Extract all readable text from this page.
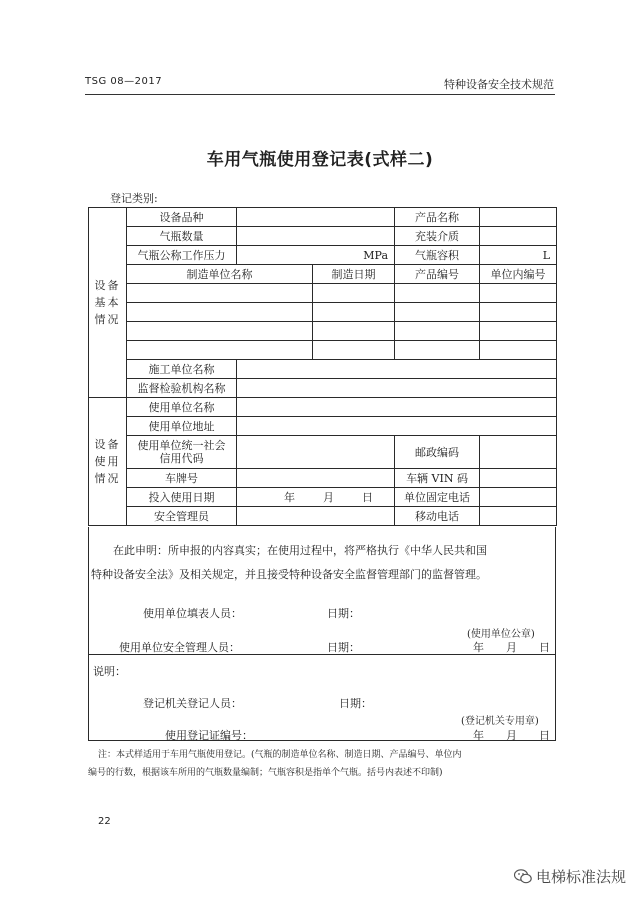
TSG 08—2017	特种设备安全技术规范
车用气瓶使用登记表(式样二)
登记类别:
设备
基本
情况	设备品种			产品名称	
	气瓶数量			充装介质	
	气瓶公称工作压力	MPa		气瓶容积	L
	制造单位名称		制造日期	产品编号	单位内编号

	施工单位名称				
	监督检验机构名称				
设备
使用
情况	使用单位名称				
	使用单位地址				
	使用单位统一社会
信用代码			邮政编码	
	车牌号			车辆 VIN 码	
	投入使用日期	年 月 日		单位固定电话	
	安全管理员			移动电话	
在此申明：所申报的内容真实；在使用过程中，将严格执行《中华人民共和国
特种设备安全法》及相关规定，并且接受特种设备安全监督管理部门的监督管理。
使用单位填表人员：	日期：
(使用单位公章)
使用单位安全管理人员：	日期：	年　　月　　日
说明：
登记机关登记人员：	日期：
(登记机关专用章)
使用登记证编号：	年　　月　　日
注：本式样适用于车用气瓶使用登记。(气瓶的制造单位名称、制造日期、产品编号、单位内
编号的行数，根据该车所用的气瓶数量编制；气瓶容积是指单个气瓶。括号内表述不印制)
22
电梯标准法规
